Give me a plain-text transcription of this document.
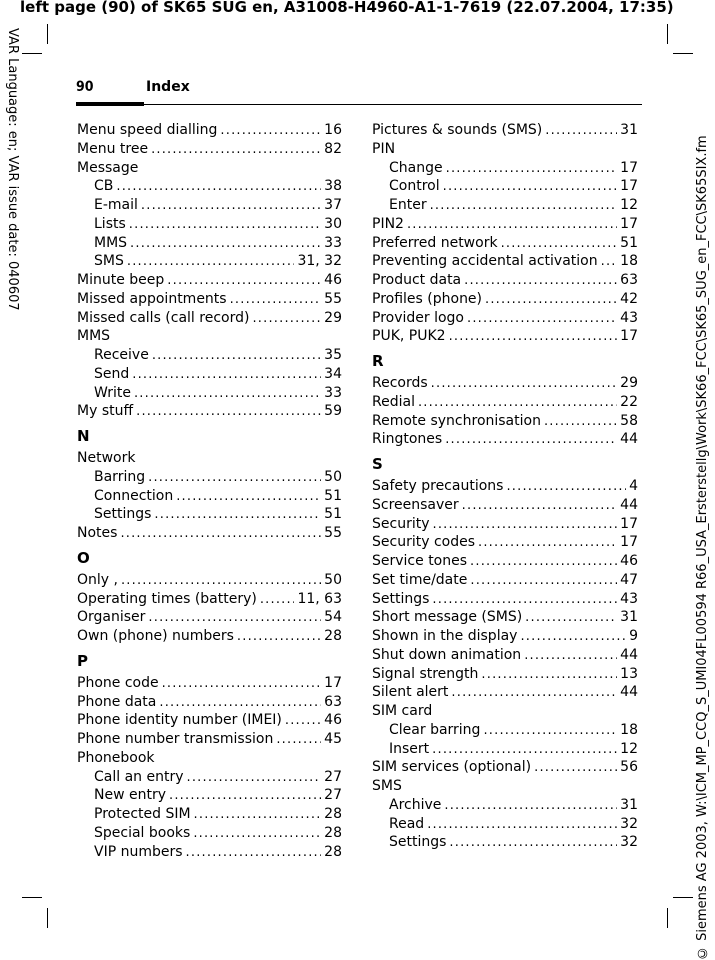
left page (90) of SK65 SUG en, A31008-H4960-A1-1-7619 (22.07.2004, 17:35)
VAR Language: en; VAR issue date: 040607	© Siemens AG 2003, W:\ICM_MP_CCQ_S_UMI04FL00594 R66_USA_Ersterstellg\Work\SK66_FCC\SK65_SUG_en_FCC\SK65SIX.fm
90	Index
Menu speed dialling .....	16
Menu tree .....	82
Message
CB .....	38
E-mail .....	37
Lists .....	30
MMS .....	33
SMS .....	31, 32
Minute beep .....	46
Missed appointments .....	55
Missed calls (call record) .....	29
MMS
Receive .....	35
Send .....	34
Write .....	33
My stuff .....	59
N
Network
Barring .....	50
Connection .....	51
Settings .....	51
Notes .....	55
O
Only , .....	50
Operating times (battery) .....	11, 63
Organiser .....	54
Own (phone) numbers .....	28
P
Phone code .....	17
Phone data .....	63
Phone identity number (IMEI) .....	46
Phone number transmission .....	45
Phonebook
Call an entry .....	27
New entry .....	27
Protected SIM .....	28
Special books .....	28
VIP numbers .....	28
Pictures & sounds (SMS) .....	31
PIN
Change .....	17
Control .....	17
Enter .....	12
PIN2 .....	17
Preferred network .....	51
Preventing accidental activation ..... 18
Product data .....	63
Profiles (phone) .....	42
Provider logo .....	43
PUK, PUK2 .....	17
R
Records .....	29
Redial .....	22
Remote synchronisation .....	58
Ringtones .....	44
S
Safety precautions .....	4
Screensaver .....	44
Security .....	17
Security codes .....	17
Service tones .....	46
Set time/date .....	47
Settings .....	43
Short message (SMS) .....	31
Shown in the display .....	9
Shut down animation .....	44
Signal strength .....	13
Silent alert .....	44
SIM card
Clear barring .....	18
Insert .....	12
SIM services (optional) .....	56
SMS
Archive .....	31
Read .....	32
Settings .....	32
